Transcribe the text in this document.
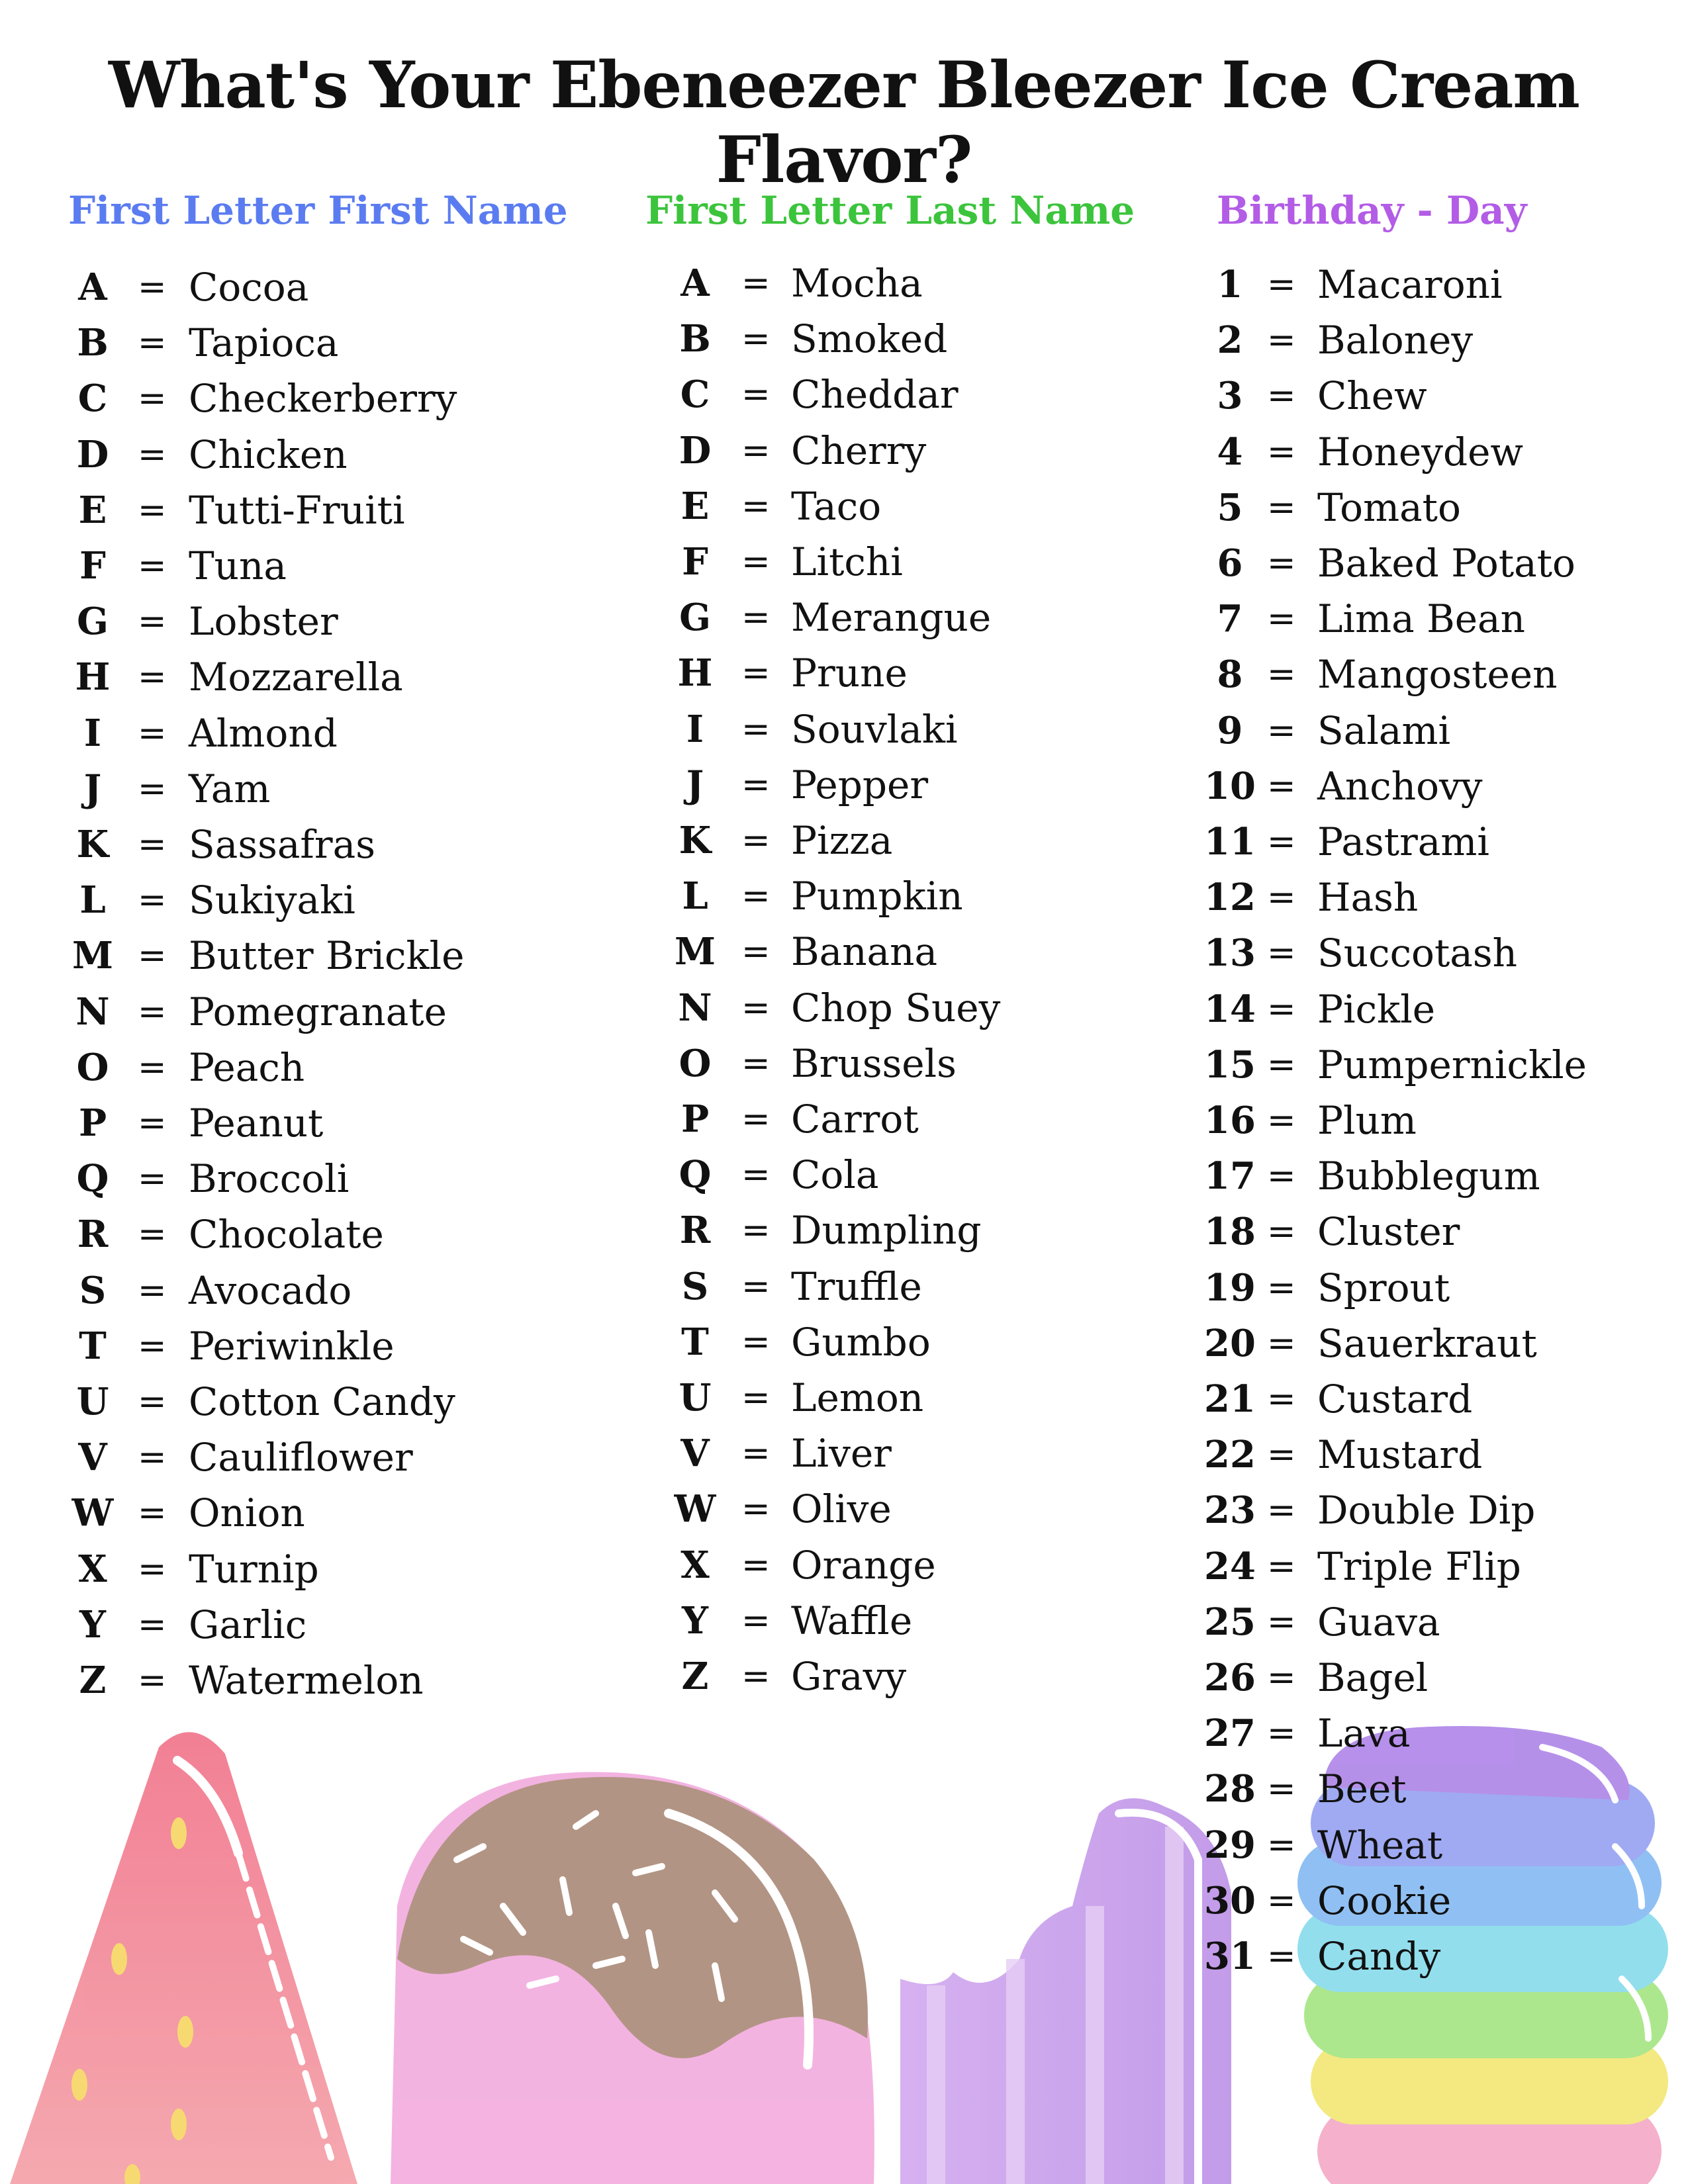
What's Your Ebeneezer Bleezer Ice Cream Flavor?
First Letter First Name
A = Cocoa
B = Tapioca
C = Checkerberry
D = Chicken
E = Tutti-Fruiti
F = Tuna
G = Lobster
H = Mozzarella
I	= Almond
J	= Yam
K = Sassafras
L = Sukiyaki
M = Butter Brickle
N = Pomegranate
O = Peach
P = Peanut
Q = Broccoli
R = Chocolate
S = Avocado
T = Periwinkle
U = Cotton Candy
V = Cauliflower
W = Onion
X = Turnip
Y = Garlic
Z = Watermelon
First Letter Last Name
A = Mocha
B = Smoked
C = Cheddar
D = Cherry
E = Taco
F = Litchi
G = Merangue
H = Prune
I	= Souvlaki
J	= Pepper
K = Pizza
L = Pumpkin
M = Banana
N = Chop Suey
O = Brussels
P = Carrot
Q = Cola
R = Dumpling
S = Truffle
T = Gumbo
U = Lemon
V = Liver
W = Olive
X = Orange
Y = Waffle
Z = Gravy
Birthday - Day
1 = Macaroni
2 = Baloney
3 = Chew
4 = Honeydew
5 = Tomato
6 = Baked Potato
7 = Lima Bean
8 = Mangosteen
9 = Salami
10 = Anchovy
11 = Pastrami
12 = Hash
13 = Succotash
14 = Pickle
15 = Pumpernickle
16 = Plum
17 = Bubblegum
18 = Cluster
19 = Sprout
20 = Sauerkraut
21 = Custard
22 = Mustard
23 = Double Dip
24 = Triple Flip
25 = Guava
26 = Bagel
27 = Lava
28 = Beet
29 = Wheat
30 = Cookie
31 = Candy
